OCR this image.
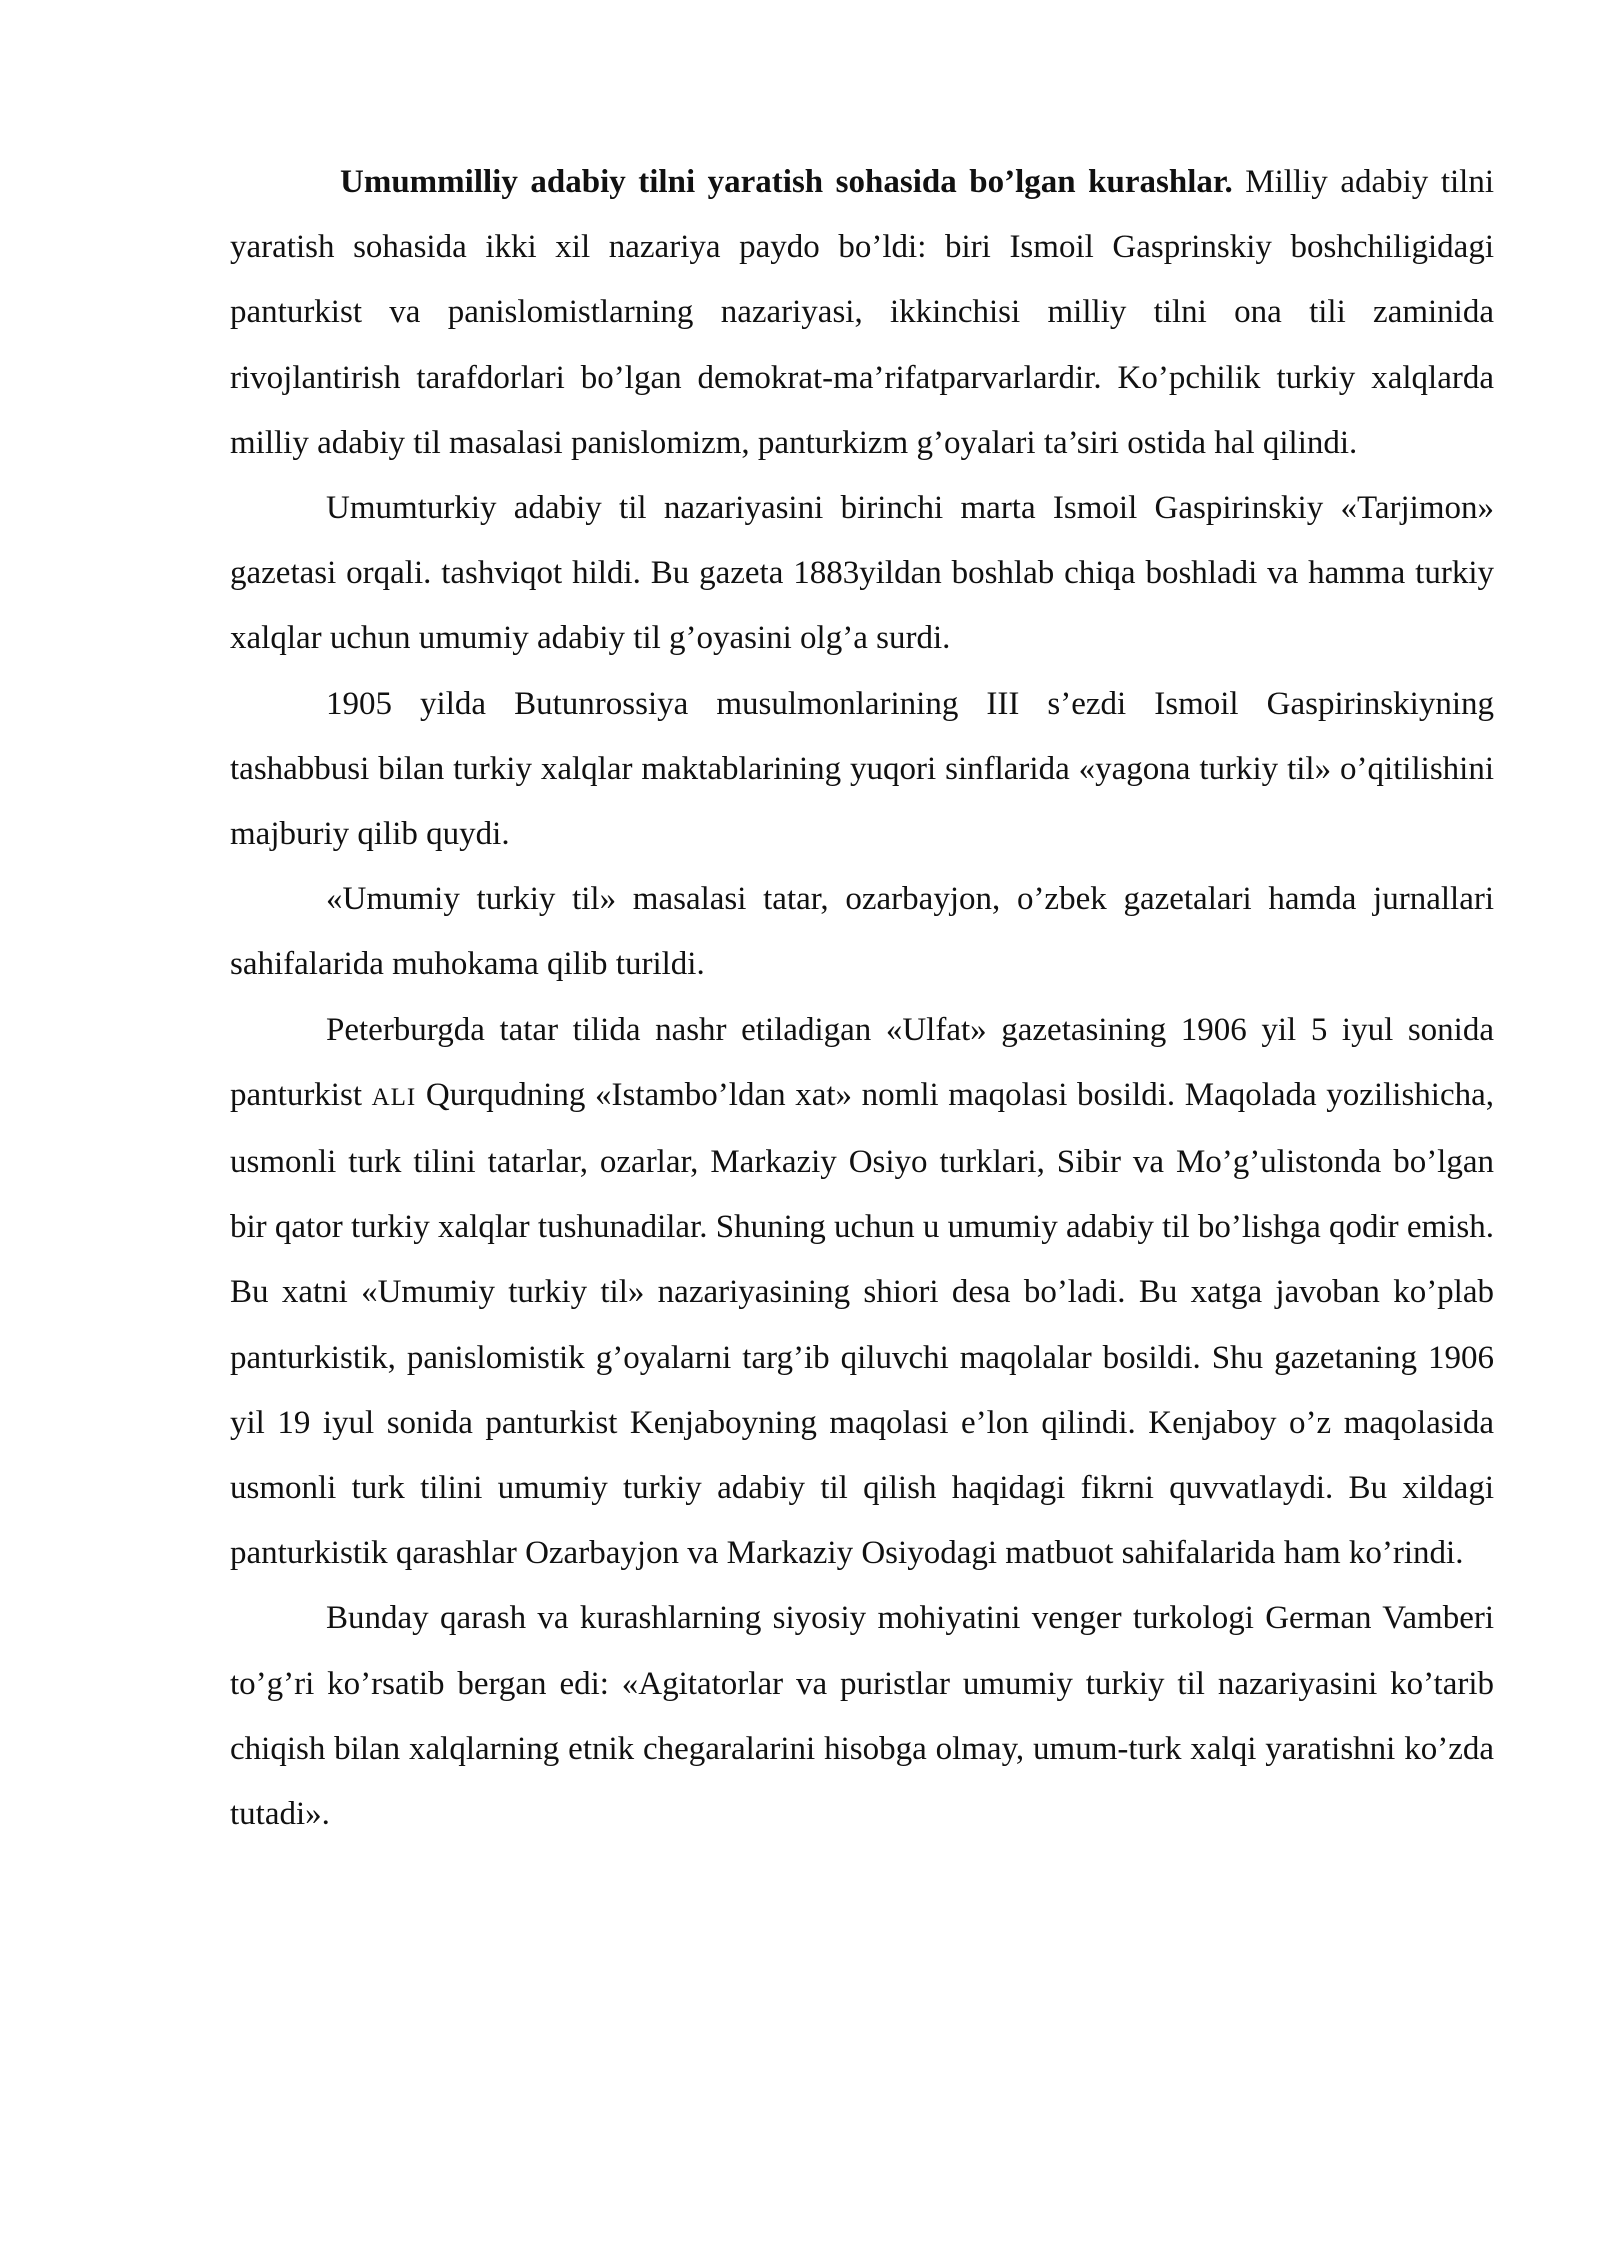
Umummilliy adabiy tilni yaratish sohasida bo’lgan kurashlar. Milliy adabiy tilni yaratish sohasida ikki xil nazariya paydo bo’ldi: biri Ismoil Gasprinskiy boshchiligidagi panturkist va panislomistlarning nazariyasi, ikkinchisi milliy tilni ona tili zaminida rivojlantirish tarafdorlari bo’lgan demokrat-ma’rifatparvarlardir. Ko’pchilik turkiy xalqlarda milliy adabiy til masalasi panislomizm, panturkizm g’oyalari ta’siri ostida hal qilindi.

Umumturkiy adabiy til nazariyasini birinchi marta Ismoil Gaspirinskiy «Tarjimon» gazetasi orqali. tashviqot hildi. Bu gazeta 1883yildan boshlab chiqa boshladi va hamma turkiy xalqlar uchun umumiy adabiy til g’oyasini olg’a surdi.

1905 yilda Butunrossiya musulmonlarining III s’ezdi Ismoil Gaspirinskiyning tashabbusi bilan turkiy xalqlar maktablarining yuqori sinflarida «yagona turkiy til» o’qitilishini majburiy qilib quydi.

«Umumiy turkiy til» masalasi tatar, ozarbayjon, o’zbek gazetalari hamda jurnallari sahifalarida muhokama qilib turildi.

Peterburgda tatar tilida nashr etiladigan «Ulfat» gazetasining 1906 yil 5 iyul sonida panturkist ALI Qurqudning «Istambo’ldan xat» nomli maqolasi bosildi. Maqolada yozilishicha, usmonli turk tilini tatarlar, ozarlar, Markaziy Osiyo turklari, Sibir va Mo’g’ulistonda bo’lgan bir qator turkiy xalqlar tushunadilar. Shuning uchun u umumiy adabiy til bo’lishga qodir emish. Bu xatni «Umumiy turkiy til» nazariyasining shiori desa bo’ladi. Bu xatga javoban ko’plab panturkistik, panislomistik g’oyalarni targ’ib qiluvchi maqolalar bosildi. Shu gazetaning 1906 yil 19 iyul sonida panturkist Kenjaboyning maqolasi e’lon qilindi. Kenjaboy o’z maqolasida usmonli turk tilini umumiy turkiy adabiy til qilish haqidagi fikrni quvvatlaydi. Bu xildagi panturkistik qarashlar Ozarbayjon va Markaziy Osiyodagi matbuot sahifalarida ham ko’rindi.

Bunday qarash va kurashlarning siyosiy mohiyatini venger turkologi German Vamberi to’g’ri ko’rsatib bergan edi: «Agitatorlar va puristlar umumiy turkiy til nazariyasini ko’tarib chiqish bilan xalqlarning etnik chegaralarini hisobga olmay, umum-turk xalqi yaratishni ko’zda tutadi».
